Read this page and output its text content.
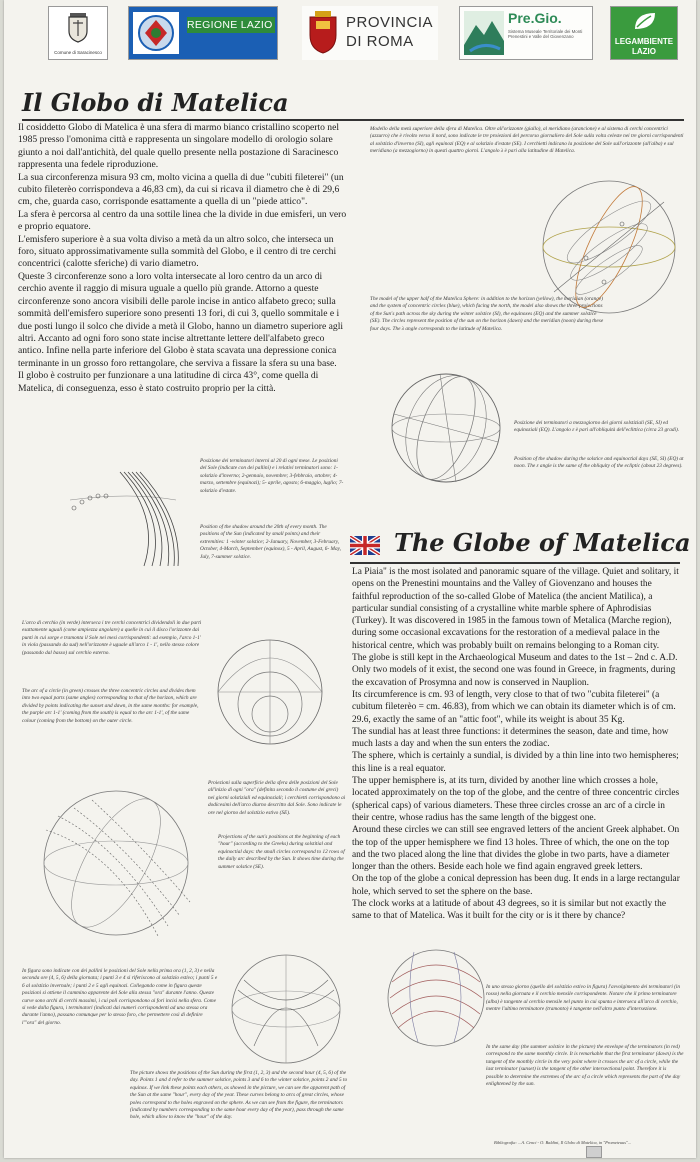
Comune di Saracinesco
REGIONE LAZIO	PROVINCIA
DI ROMA
Pre.Gio.
Sistema Museale Territoriale dei Monti Prenestini e Valle del Giovenzano
LEGAMBIENTE
LAZIO
Il Globo di Matelica

Il cosiddetto Globo di Matelica è una sfera di marmo bianco cristallino scoperto nel 1985 presso l'omonima città e rappresenta un singolare modello di orologio solare giunto a noi dall'antichità, del quale quello presente nella postazione di Saracinesco rappresenta una fedele riproduzione.

La sua circonferenza misura 93 cm, molto vicina a quella di due "cubiti fileterei" (un cubito fileterèo corrispondeva a 46,83 cm), da cui si ricava il diametro che è di 29,6 cm, che, guarda caso, corrisponde esattamente a quella di un "piede attico".

La sfera è percorsa al centro da una sottile linea che la divide in due emisferi, un vero e proprio equatore.

L'emisfero superiore è a sua volta diviso a metà da un altro solco, che interseca un foro, situato approssimativamente sulla sommità del Globo, e il centro di tre cerchi concentrici (calotte sferiche) di vario diametro.

Queste 3 circonferenze sono a loro volta intersecate al loro centro da un arco di cerchio avente il raggio di misura uguale a quello più grande. Attorno a queste circonferenze sono ancora visibili delle parole incise in antico alfabeto greco; sulla sommità dell'emisfero superiore sono presenti 13 fori, di cui 3, quello sommitale e i due posti lungo il solco che divide a metà il Globo, hanno un diametro superiore agli altri. Accanto ad ogni foro sono state incise altrettante lettere dell'alfabeto greco antico. Infine nella parte inferiore del Globo è stata scavata una depressione conica terminante in un grosso foro rettangolare, che serviva a fissare la sfera su una base.

Il globo è costruito per funzionare a una latitudine di circa 43°, come quella di Matelica, di conseguenza, esso è stato costruito proprio per la città.

Modello della metà superiore della sfera di Matelica. Oltre all'orizzonte (giallo), al meridiano (arancione) e al sistema di cerchi concentrici (azzurro) che è rivolto verso il nord, sono indicate le tre proiezioni del percorso giornaliero del Sole sulla volta celeste nei tre giorni corrispondenti al solstizio d'inverno (SI), agli equinozi (EQ) e al solstizio d'estate (SE). I cerchietti indicano la posizione del Sole sull'orizzonte (all'alba) e sul meridiano (a mezzogiorno) in questi quattro giorni. L'angolo λ è pari alla latitudine di Matelica.

The model of the upper half of the Matelica Sphere: in addition to the horizon (yellow), the meridian (orange) and the system of concentric circles (blue), which facing the north, the model also shows the three projections of the Sun's path across the sky during the winter solstice (SI), the equinoxes (EQ) and the summer solstice (SE). The circles represent the position of the sun on the horizon (dawn) and the meridian (noon) during these four days. The λ angle corresponds to the latitude of Matelica.

Posizione dei terminatori a mezzogiorno dei giorni solstiziali (SE, SI) ed equinoziali (EQ). L'angolo ε è pari all'obliquità dell'eclittica (circa 23 gradi).

Position of the shadow during the solstice and equinoctial days (SE, SI) (EQ) at noon. The ε angle is the same of the obliquity of the ecliptic (about 23 degrees).

Posizione dei terminatori interni al 20 di ogni mese. Le posizioni del Sole (indicate con dei pallini) e i relativi terminatori sono: 1-solstizio d'inverno; 2-gennaio, novembre; 3-febbraio, ottobre; 4-marzo, settembre (equinozi); 5- aprile, agosto; 6-maggio, luglio; 7-solstizio d'estate.

Position of the shadow around the 20th of every month. The positions of the Sun (indicated by small points) and their extremities: 1 -winter solstice; 2-January, November, 3-February, October, 4-March, September (equinox), 5 - April, August, 6- May, July, 7-summer solstice.

L'arco di cerchio (in verde) interseca i tre cerchi concentrici dividendoli in due parti esattamente uguali (come ampiezza angolare) a quelle in cui il disco l'orizzonte dai punti in cui sorge e tramonta il Sole nei mesi corrispondenti: ad esempio, l'arco 1-1' in viola (passando da sud) nell'orizzonte è uguale all'arco 1 - 1', nello stesso colore (passando dal basso) sul cerchio esterno.

The arc of a circle (in green) crosses the three concentric circles and divides them into two equal parts (same angles) corresponding to that of the horizon, which are divided by points indicating the sunset and dawn, in the same months: for example, the purple arc 1-1' (coming from the south) is equal to the arc 1-1', of the same colour (coming from the bottom) on the outer circle.

Proiezioni sulla superficie della sfera delle posizioni del Sole all'inizio di ogni "ora" (definita secondo il costume dei greci) nei giorni solstiziali ed equinoziali; i cerchietti corrispondono ai dodicesimi dell'arco diurno descritto dal Sole. Sono indicate le ore nel giorno del solstizio estivo (SE).

Projections of the sun's positions at the beginning of each "hour" (according to the Greeks) during solstitial and equinoctial days: the small circles correspond to 12 rows of the daily arc described by the Sun. It shows time during the summer solstice (SE).

The Globe of Matelica

La Piaia" is the most isolated and panoramic square of the village. Quiet and solitary, it opens on the Prenestini mountains and the Valley of Giovenzano and houses the faithful reproduction of the so-called Globe of Matelica (the ancient Matilica), a particular sundial consisting of a crystalline white marble sphere of Aphrodisias (Turkey). It was discovered in 1985 in the famous town of Metalica (Marche region), during some occasional excavations for the restoration of a medieval palace in the historical centre, which was probably built on remains belonging to a Roman city.

The globe is still kept in the Archaeological Museum and dates to the 1st – 2nd c. A.D. Only two models of it exist, the second one was found in Greece, in fragments, during the excavation of Prosymna and now is conserved in Nauplion.

Its circumference is cm. 93 of length, very close to that of two "cubita fileterei" (a cubitum fileterèo = cm. 46.83), from which we can obtain its diameter which is of cm. 29.6, exactly the same of an "attic foot", while its weight is about 35 Kg.

The sundial has at least three functions: it determines the season, date and time, how much lasts a day and when the sun enters the zodiac.

The sphere, which is certainly a sundial, is divided by a thin line into two hemispheres; this line is a real equator.

The upper hemisphere is, at its turn, divided by another line which crosses a hole, located approximately on the top of the globe, and the centre of three concentric circles (spherical caps) of various diameters. These three circles crosse an arc of a circle in their centre, whose radius has the same length of the biggest one.

Around these circles we can still see engraved letters of the ancient Greek alphabet. On the top of the upper hemisphere we find 13 holes. Three of which, the one on the top and the two placed along the line that divides the globe in two parts, have a diameter longer than the others. Beside each hole we find again engraved greek letters.

On the top of the globe a conical depression has been dug. It ends in a large rectangular hole, which served to set the sphere on the base.

The clock works at a latitude of about 43 degrees, so it is similar but not exactly the same to that of Matelica. Was it built for the city or is it there by chance?

In figura sono indicate con dei pallini le posizioni del Sole nella prima ora (1, 2, 3) e nella seconda ore (4, 5, 6) della giornata; i punti 3 e 4 si riferiscono al solstizio estivo; i punti 5 e 6 al solstizio invernale; i punti 2 e 5 agli equinozi. Collegando come in figura queste posizioni si ottiene il cammino apparente del Sole alla stessa "ora" durante l'anno. Queste curve sono archi di cerchi massimi, i cui poli corrispondono ai fori incisi nella sfera. Come si vede dalla figura, i terminatori (indicati dai numeri corrispondenti ad una stessa ora durante l'anno), passano comunque per lo stesso foro, che permettere così di definire l'"ora" del giorno.

The picture shows the positions of the Sun during the first (1, 2, 3) and the second hour (4, 5, 6) of the day. Points 1 and 4 refer to the summer solstice, points 3 and 6 to the winter solstice, points 2 and 5 to equinox. If we link these points each others, as showed in the picture, we can see the apparent path of the Sun at the same "hour", every day of the year. These curves belong to arcs of great circles, whose poles correspond to the holes engraved on the sphere. As we can see from the figure, the terminators (indicated by numbers corresponding to the same hour every day of the year), pass through the same hole, which allow to know the "hour" of the day.

In uno stesso giorno (quello del solstizio estivo in figura) l'avvolgimento dei terminatori (in rosso) nella giornata e il cerchio mensile corrispondente. Notare che il primo terminatore (alba) è tangente al cerchio mensile nel punto in cui spunta e interseca all'arco di cerchio, mentre l'ultimo terminatore (tramonto) è tangente nell'altro punto d'intersezione.

In the same day (the summer solstice in the picture) the envelope of the terminators (in red) correspond to the same monthly circle. It is remarkable that the first terminator (dawn) is the tangent of the monthly circle in the very point where it crosses the arc of a circle, while the last terminator (sunset) is the tangent of the other intersectional point. Therefore it is possible to determine the extremes of the arc of a circle which represents the part of the day enlightened by the sun.

Bibliografia: ...A. Cenci - O. Baldini, Il Globo di Matelica, in "Prometeuus"...
